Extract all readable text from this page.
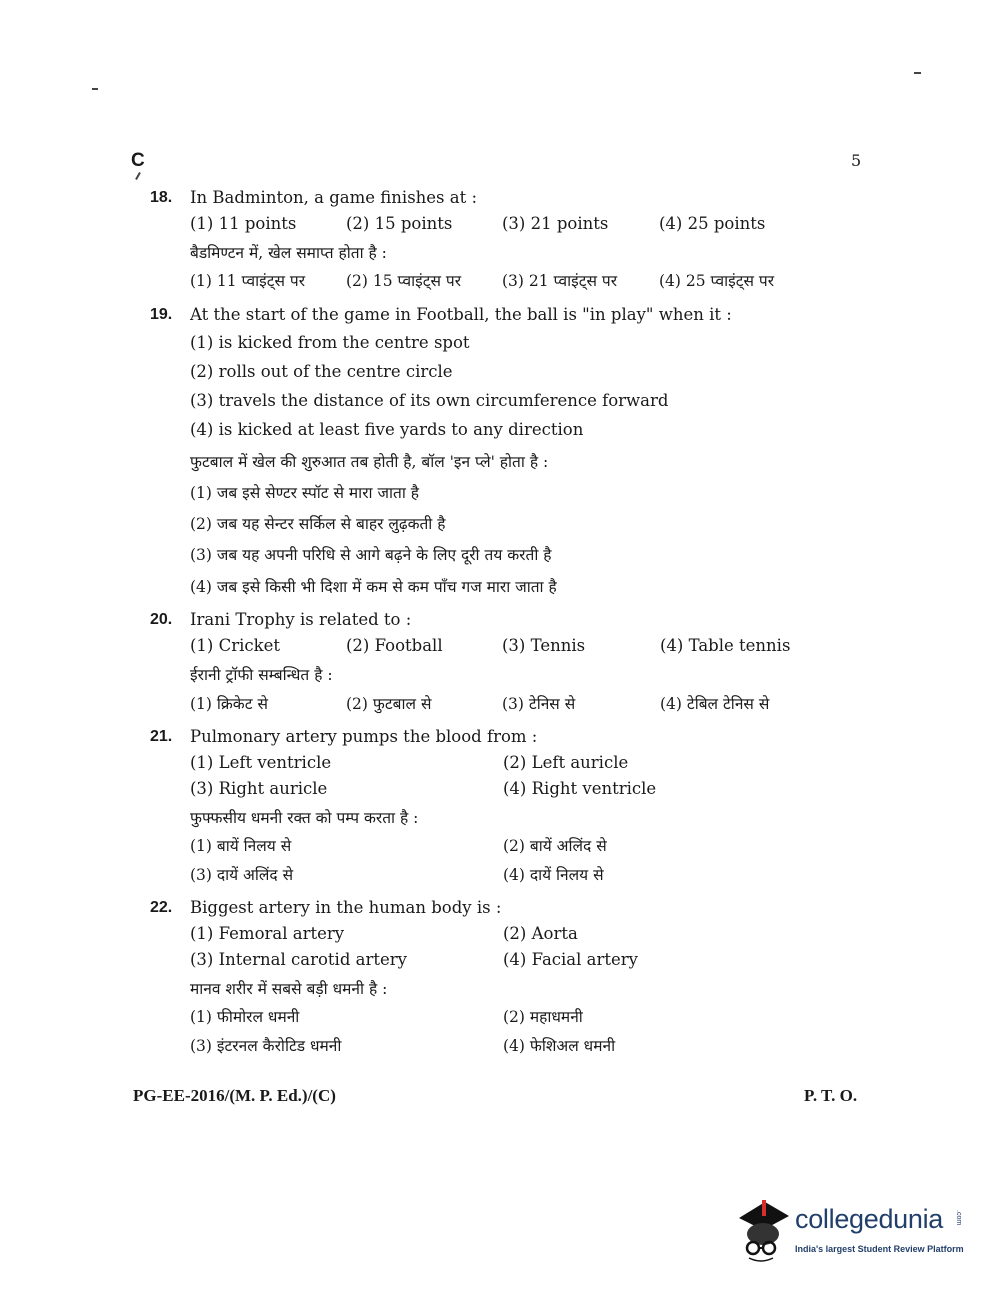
C	5
18. In Badminton, a game finishes at :
(1) 11 points	(2) 15 points	(3) 21 points	(4) 25 points
बैडमिण्टन में, खेल समाप्त होता है :
(1) 11 प्वाइंट्स पर	(2) 15 प्वाइंट्स पर	(3) 21 प्वाइंट्स पर	(4) 25 प्वाइंट्स पर
19. At the start of the game in Football, the ball is "in play" when it :
(1) is kicked from the centre spot
(2) rolls out of the centre circle
(3) travels the distance of its own circumference forward
(4) is kicked at least five yards to any direction
फुटबाल में खेल की शुरुआत तब होती है, बॉल 'इन प्ले' होता है :
(1) जब इसे सेण्टर स्पॉट से मारा जाता है
(2) जब यह सेन्टर सर्किल से बाहर लुढ़कती है
(3) जब यह अपनी परिधि से आगे बढ़ने के लिए दूरी तय करती है
(4) जब इसे किसी भी दिशा में कम से कम पाँच गज मारा जाता है
20. Irani Trophy is related to :
(1) Cricket	(2) Football	(3) Tennis	(4) Table tennis
ईरानी ट्रॉफी सम्बन्धित है :
(1) क्रिकेट से	(2) फुटबाल से	(3) टेनिस से	(4) टेबिल टेनिस से
21. Pulmonary artery pumps the blood from :
(1) Left ventricle	(2) Left auricle
(3) Right auricle	(4) Right ventricle
फुफ्फसीय धमनी रक्त को पम्प करता है :
(1) बायें निलय से	(2) बायें अलिंद से
(3) दायें अलिंद से	(4) दायें निलय से
22. Biggest artery in the human body is :
(1) Femoral artery	(2) Aorta
(3) Internal carotid artery	(4) Facial artery
मानव शरीर में सबसे बड़ी धमनी है :
(1) फीमोरल धमनी	(2) महाधमनी
(3) इंटरनल कैरोटिड धमनी	(4) फेशिअल धमनी
PG-EE-2016/(M. P. Ed.)/(C)	P. T. O.
collegedunia .com
India's largest Student Review Platform
